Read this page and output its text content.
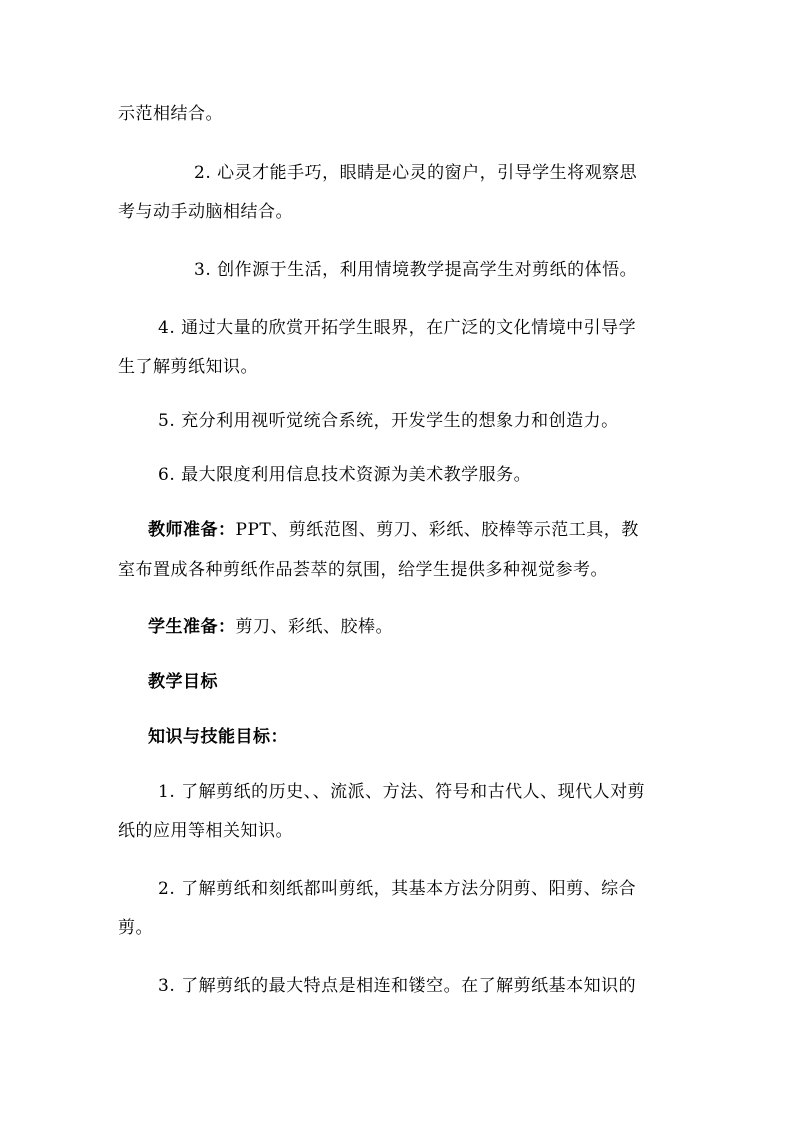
示范相结合。
2. 心灵才能手巧，眼睛是心灵的窗户，引导学生将观察思
考与动手动脑相结合。
3. 创作源于生活，利用情境教学提高学生对剪纸的体悟。
4. 通过大量的欣赏开拓学生眼界，在广泛的文化情境中引导学
生了解剪纸知识。
5. 充分利用视听觉统合系统，开发学生的想象力和创造力。
6. 最大限度利用信息技术资源为美术教学服务。
教师准备：PPT、剪纸范图、剪刀、彩纸、胶棒等示范工具，教
室布置成各种剪纸作品荟萃的氛围，给学生提供多种视觉参考。
学生准备：剪刀、彩纸、胶棒。
教学目标
知识与技能目标：
1. 了解剪纸的历史、、流派、方法、符号和古代人、现代人对剪
纸的应用等相关知识。
2. 了解剪纸和刻纸都叫剪纸，其基本方法分阴剪、阳剪、综合
剪。
3. 了解剪纸的最大特点是相连和镂空。在了解剪纸基本知识的
